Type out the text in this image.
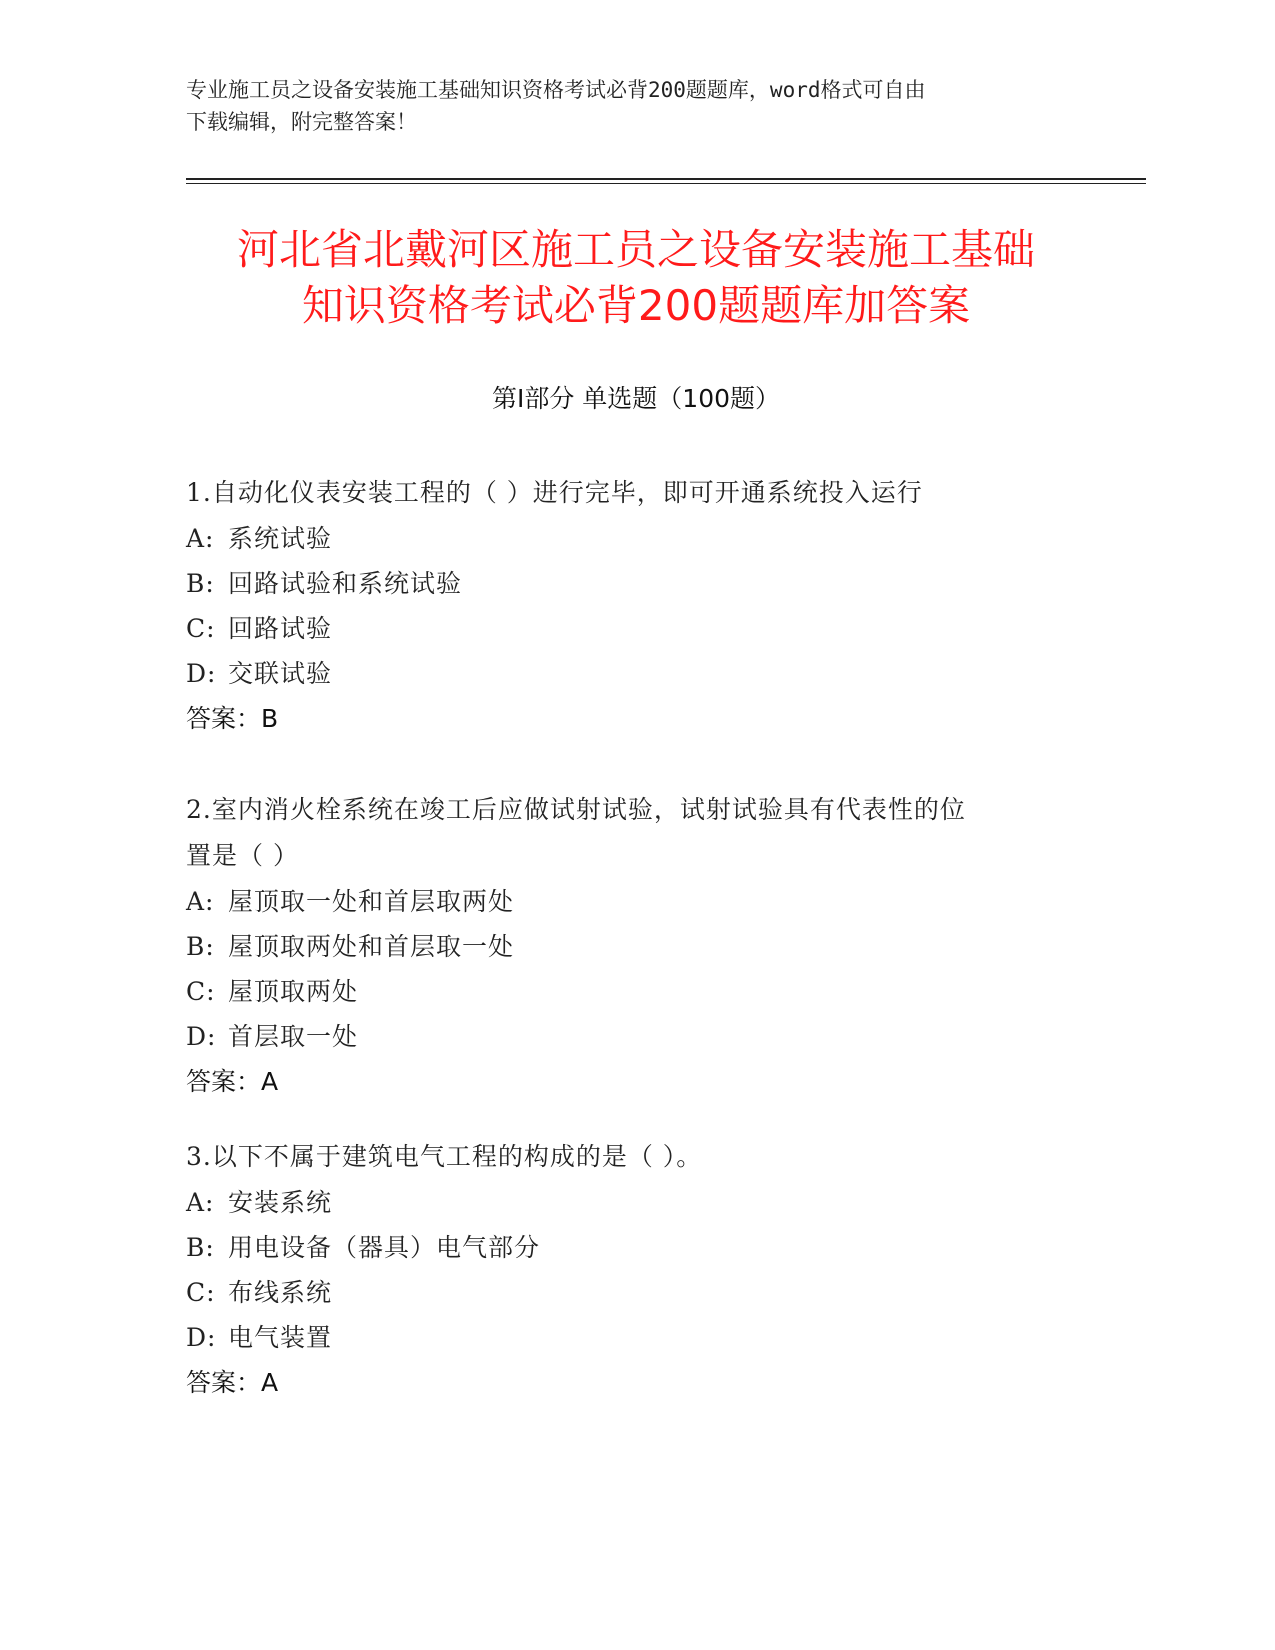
专业施工员之设备安装施工基础知识资格考试必背200题题库，word格式可自由
下载编辑，附完整答案！
河北省北戴河区施工员之设备安装施工基础
知识资格考试必背200题题库加答案
第I部分 单选题（100题）
1.自动化仪表安装工程的（ ）进行完毕，即可开通系统投入运行
A: 系统试验
B: 回路试验和系统试验
C: 回路试验
D: 交联试验
答案：B
2.室内消火栓系统在竣工后应做试射试验，试射试验具有代表性的位
置是（ ）
A: 屋顶取一处和首层取两处
B: 屋顶取两处和首层取一处
C: 屋顶取两处
D: 首层取一处
答案：A
3.以下不属于建筑电气工程的构成的是（ ）。
A: 安装系统
B: 用电设备（器具）电气部分
C: 布线系统
D: 电气装置
答案：A
